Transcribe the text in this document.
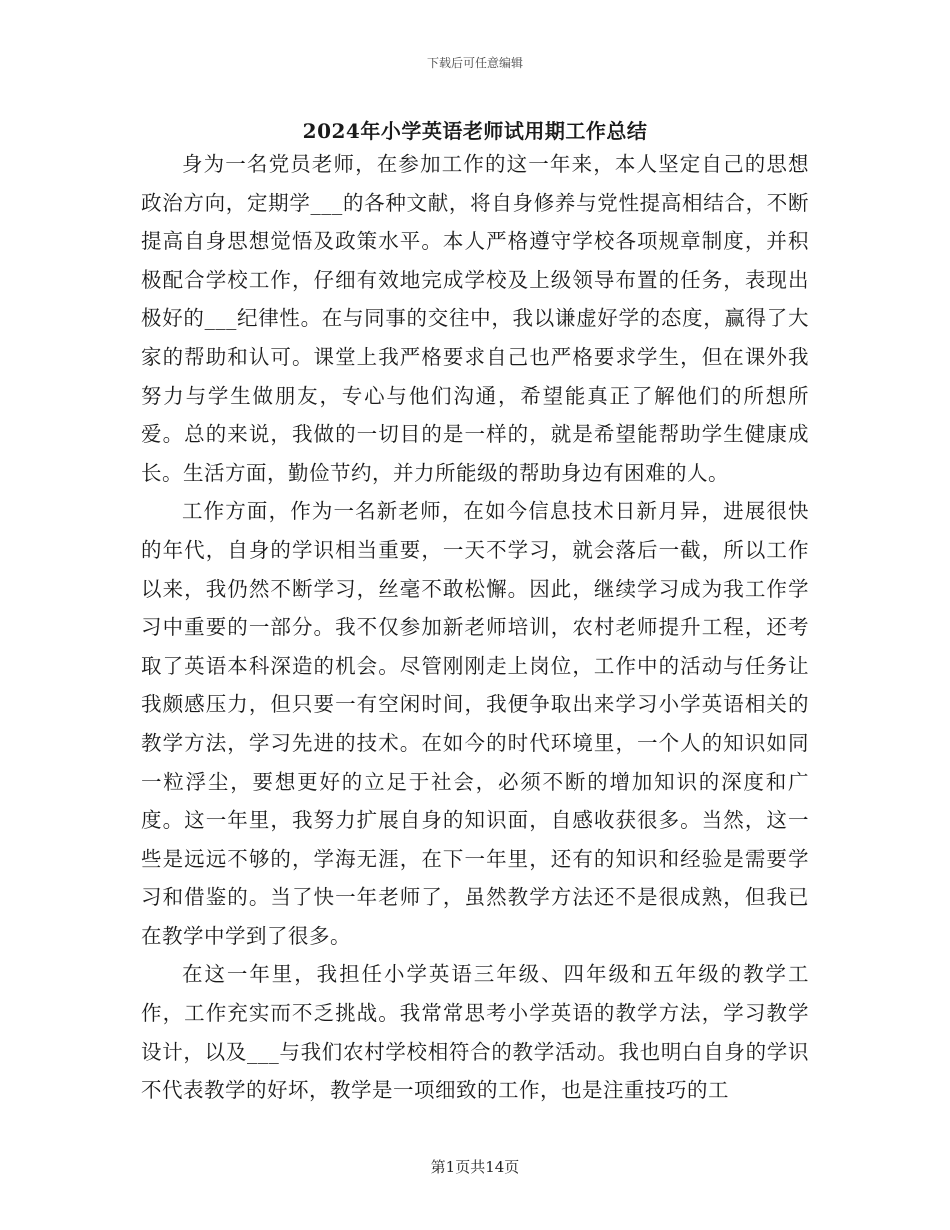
下载后可任意编辑
2024年小学英语老师试用期工作总结

身为一名党员老师，在参加工作的这一年来，本人坚定自己的思想政治方向，定期学___的各种文献，将自身修养与党性提高相结合，不断提高自身思想觉悟及政策水平。本人严格遵守学校各项规章制度，并积极配合学校工作，仔细有效地完成学校及上级领导布置的任务，表现出极好的___纪律性。在与同事的交往中，我以谦虚好学的态度，赢得了大家的帮助和认可。课堂上我严格要求自己也严格要求学生，但在课外我努力与学生做朋友，专心与他们沟通，希望能真正了解他们的所想所爱。总的来说，我做的一切目的是一样的，就是希望能帮助学生健康成长。生活方面，勤俭节约，并力所能级的帮助身边有困难的人。

工作方面，作为一名新老师，在如今信息技术日新月异，进展很快的年代，自身的学识相当重要，一天不学习，就会落后一截，所以工作以来，我仍然不断学习，丝毫不敢松懈。因此，继续学习成为我工作学习中重要的一部分。我不仅参加新老师培训，农村老师提升工程，还考取了英语本科深造的机会。尽管刚刚走上岗位，工作中的活动与任务让我颇感压力，但只要一有空闲时间，我便争取出来学习小学英语相关的教学方法，学习先进的技术。在如今的时代环境里，一个人的知识如同一粒浮尘，要想更好的立足于社会，必须不断的增加知识的深度和广度。这一年里，我努力扩展自身的知识面，自感收获很多。当然，这一些是远远不够的，学海无涯，在下一年里，还有的知识和经验是需要学习和借鉴的。当了快一年老师了，虽然教学方法还不是很成熟，但我已在教学中学到了很多。

在这一年里，我担任小学英语三年级、四年级和五年级的教学工作，工作充实而不乏挑战。我常常思考小学英语的教学方法，学习教学设计，以及___与我们农村学校相符合的教学活动。我也明白自身的学识不代表教学的好坏，教学是一项细致的工作，也是注重技巧的工

第1页共14页
